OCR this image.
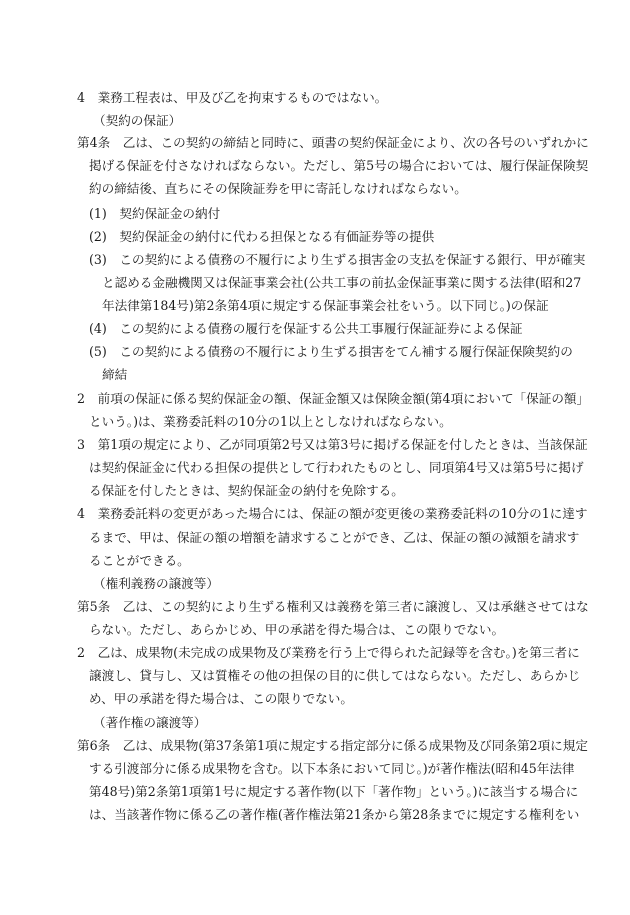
4　業務工程表は、甲及び乙を拘束するものではない。
（契約の保証）
第4条　乙は、この契約の締結と同時に、頭書の契約保証金により、次の各号のいずれかに
掲げる保証を付さなければならない。ただし、第5号の場合においては、履行保証保険契
約の締結後、直ちにその保険証券を甲に寄託しなければならない。
(1)　契約保証金の納付
(2)　契約保証金の納付に代わる担保となる有価証券等の提供
(3)　この契約による債務の不履行により生ずる損害金の支払を保証する銀行、甲が確実
と認める金融機関又は保証事業会社(公共工事の前払金保証事業に関する法律(昭和27
年法律第184号)第2条第4項に規定する保証事業会社をいう。以下同じ。)の保証
(4)　この契約による債務の履行を保証する公共工事履行保証証券による保証
(5)　この契約による債務の不履行により生ずる損害をてん補する履行保証保険契約の
締結
2　前項の保証に係る契約保証金の額、保証金額又は保険金額(第4項において「保証の額」
という。)は、業務委託料の10分の1以上としなければならない。
3　第1項の規定により、乙が同項第2号又は第3号に掲げる保証を付したときは、当該保証
は契約保証金に代わる担保の提供として行われたものとし、同項第4号又は第5号に掲げ
る保証を付したときは、契約保証金の納付を免除する。
4　業務委託料の変更があった場合には、保証の額が変更後の業務委託料の10分の1に達す
るまで、甲は、保証の額の増額を請求することができ、乙は、保証の額の減額を請求す
ることができる。
（権利義務の譲渡等）
第5条　乙は、この契約により生ずる権利又は義務を第三者に譲渡し、又は承継させてはな
らない。ただし、あらかじめ、甲の承諾を得た場合は、この限りでない。
2　乙は、成果物(未完成の成果物及び業務を行う上で得られた記録等を含む。)を第三者に
譲渡し、貸与し、又は質権その他の担保の目的に供してはならない。ただし、あらかじ
め、甲の承諾を得た場合は、この限りでない。
（著作権の譲渡等）
第6条　乙は、成果物(第37条第1項に規定する指定部分に係る成果物及び同条第2項に規定
する引渡部分に係る成果物を含む。以下本条において同じ。)が著作権法(昭和45年法律
第48号)第2条第1項第1号に規定する著作物(以下「著作物」という。)に該当する場合に
は、当該著作物に係る乙の著作権(著作権法第21条から第28条までに規定する権利をい
